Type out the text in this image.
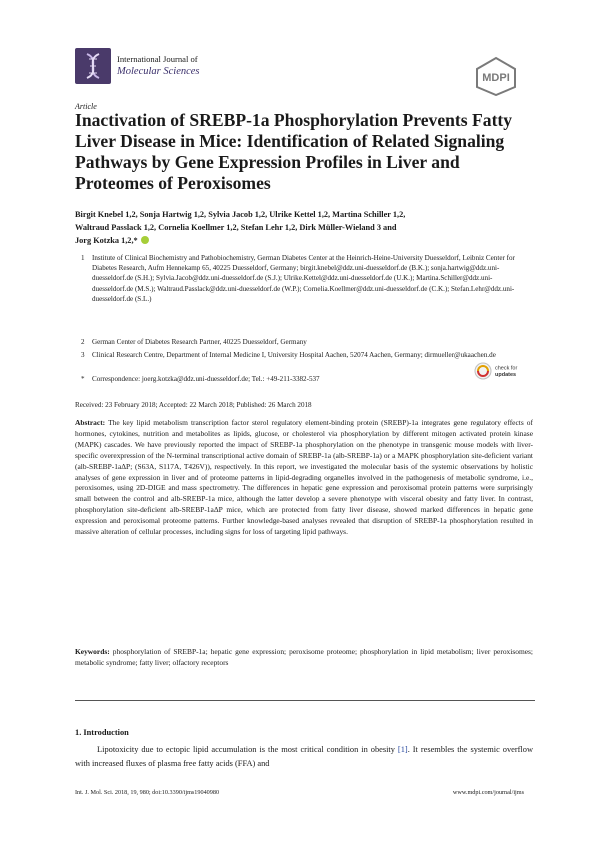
International Journal of
Molecular Sciences
MDPI
Article
Inactivation of SREBP-1a Phosphorylation Prevents Fatty Liver Disease in Mice: Identification of Related Signaling Pathways by Gene Expression Profiles in Liver and Proteomes of Peroxisomes
Birgit Knebel 1,2, Sonja Hartwig 1,2, Sylvia Jacob 1,2, Ulrike Kettel 1,2, Martina Schiller 1,2,
Waltraud Passlack 1,2, Cornelia Koellmer 1,2, Stefan Lehr 1,2, Dirk Müller-Wieland 3 and
Jorg Kotzka 1,2,*
1 Institute of Clinical Biochemistry and Pathobiochemistry, German Diabetes Center at the Heinrich-Heine-University Duesseldorf, Leibniz Center for Diabetes Research, Aufm Hennekamp 65, 40225 Duesseldorf, Germany; birgit.knebel@ddz.uni-duesseldorf.de (B.K.); sonja.hartwig@ddz.uni-duesseldorf.de (S.H.); Sylvia.Jacob@ddz.uni-duesseldorf.de (S.J.); Ulrike.Kettel@ddz.uni-duesseldorf.de (U.K.); Martina.Schiller@ddz.uni-duesseldorf.de (M.S.); Waltraud.Passlack@ddz.uni-duesseldorf.de (W.P.); Cornelia.Koellmer@ddz.uni-duesseldorf.de (C.K.); Stefan.Lehr@ddz.uni-duesseldorf.de (S.L.)
2 German Center of Diabetes Research Partner, 40225 Duesseldorf, Germany
3 Clinical Research Centre, Department of Internal Medicine I, University Hospital Aachen, 52074 Aachen, Germany; dirmueller@ukaachen.de
* Correspondence: joerg.kotzka@ddz.uni-duesseldorf.de; Tel.: +49-211-3382-537
check for
updates
Received: 23 February 2018; Accepted: 22 March 2018; Published: 26 March 2018
Abstract: The key lipid metabolism transcription factor sterol regulatory element-binding protein (SREBP)-1a integrates gene regulatory effects of hormones, cytokines, nutrition and metabolites as lipids, glucose, or cholesterol via phosphorylation by different mitogen activated protein kinase (MAPK) cascades. We have previously reported the impact of SREBP-1a phosphorylation on the phenotype in transgenic mouse models with liver-specific overexpression of the N-terminal transcriptional active domain of SREBP-1a (alb-SREBP-1a) or a MAPK phosphorylation site-deficient variant (alb-SREBP-1aΔP; (S63A, S117A, T426V)), respectively. In this report, we investigated the molecular basis of the systemic observations by holistic analyses of gene expression in liver and of proteome patterns in lipid-degrading organelles involved in the pathogenesis of metabolic syndrome, i.e., peroxisomes, using 2D-DIGE and mass spectrometry. The differences in hepatic gene expression and peroxisomal protein patterns were surprisingly small between the control and alb-SREBP-1a mice, although the latter develop a severe phenotype with visceral obesity and fatty liver. In contrast, phosphorylation site-deficient alb-SREBP-1aΔP mice, which are protected from fatty liver disease, showed marked differences in hepatic gene expression and peroxisomal proteome patterns. Further knowledge-based analyses revealed that disruption of SREBP-1a phosphorylation resulted in massive alteration of cellular processes, including signs for loss of targeting lipid pathways.
Keywords: phosphorylation of SREBP-1a; hepatic gene expression; peroxisome proteome; phosphorylation in lipid metabolism; liver peroxisomes; metabolic syndrome; fatty liver; olfactory receptors
1. Introduction
Lipotoxicity due to ectopic lipid accumulation is the most critical condition in obesity [1]. It resembles the systemic overflow with increased fluxes of plasma free fatty acids (FFA) and
Int. J. Mol. Sci. 2018, 19, 980; doi:10.3390/ijms19040980	www.mdpi.com/journal/ijms
